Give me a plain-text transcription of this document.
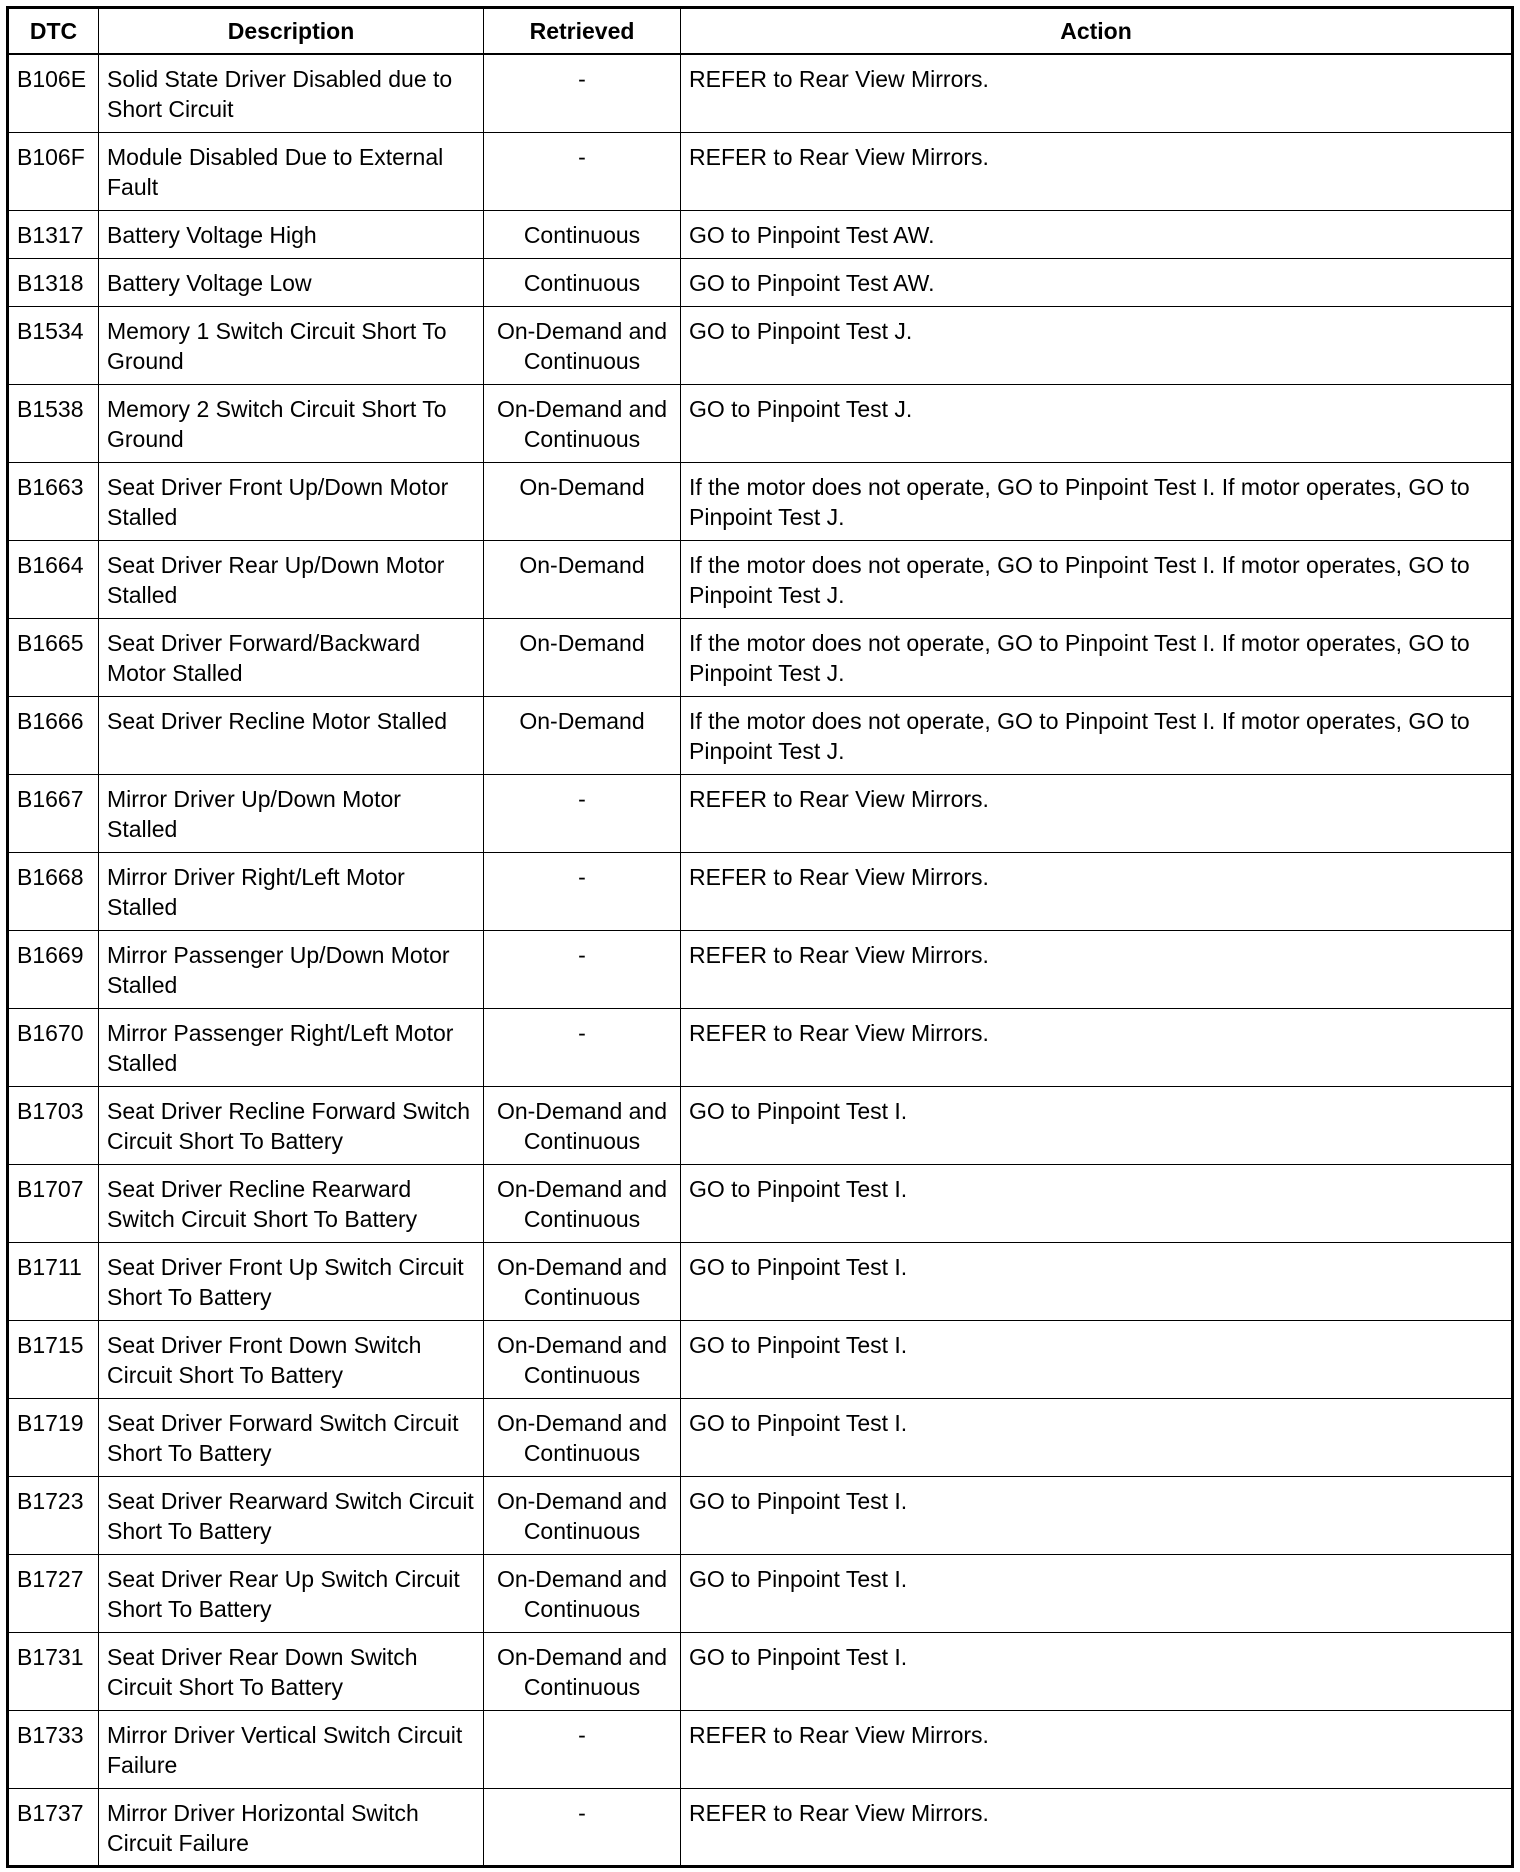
DTC	Description	Retrieved	Action
B106E	Solid State Driver Disabled due to Short Circuit	-	REFER to Rear View Mirrors.
B106F	Module Disabled Due to External Fault	-	REFER to Rear View Mirrors.
B1317	Battery Voltage High	Continuous	GO to Pinpoint Test AW.
B1318	Battery Voltage Low	Continuous	GO to Pinpoint Test AW.
B1534	Memory 1 Switch Circuit Short To Ground	On-Demand and Continuous	GO to Pinpoint Test J.
B1538	Memory 2 Switch Circuit Short To Ground	On-Demand and Continuous	GO to Pinpoint Test J.
B1663	Seat Driver Front Up/Down Motor Stalled	On-Demand	If the motor does not operate, GO to Pinpoint Test I. If motor operates, GO to Pinpoint Test J.
B1664	Seat Driver Rear Up/Down Motor Stalled	On-Demand	If the motor does not operate, GO to Pinpoint Test I. If motor operates, GO to Pinpoint Test J.
B1665	Seat Driver Forward/Backward Motor Stalled	On-Demand	If the motor does not operate, GO to Pinpoint Test I. If motor operates, GO to Pinpoint Test J.
B1666	Seat Driver Recline Motor Stalled	On-Demand	If the motor does not operate, GO to Pinpoint Test I. If motor operates, GO to Pinpoint Test J.
B1667	Mirror Driver Up/Down Motor Stalled	-	REFER to Rear View Mirrors.
B1668	Mirror Driver Right/Left Motor Stalled	-	REFER to Rear View Mirrors.
B1669	Mirror Passenger Up/Down Motor Stalled	-	REFER to Rear View Mirrors.
B1670	Mirror Passenger Right/Left Motor Stalled	-	REFER to Rear View Mirrors.
B1703	Seat Driver Recline Forward Switch Circuit Short To Battery	On-Demand and Continuous	GO to Pinpoint Test I.
B1707	Seat Driver Recline Rearward Switch Circuit Short To Battery	On-Demand and Continuous	GO to Pinpoint Test I.
B1711	Seat Driver Front Up Switch Circuit Short To Battery	On-Demand and Continuous	GO to Pinpoint Test I.
B1715	Seat Driver Front Down Switch Circuit Short To Battery	On-Demand and Continuous	GO to Pinpoint Test I.
B1719	Seat Driver Forward Switch Circuit Short To Battery	On-Demand and Continuous	GO to Pinpoint Test I.
B1723	Seat Driver Rearward Switch Circuit Short To Battery	On-Demand and Continuous	GO to Pinpoint Test I.
B1727	Seat Driver Rear Up Switch Circuit Short To Battery	On-Demand and Continuous	GO to Pinpoint Test I.
B1731	Seat Driver Rear Down Switch Circuit Short To Battery	On-Demand and Continuous	GO to Pinpoint Test I.
B1733	Mirror Driver Vertical Switch Circuit Failure	-	REFER to Rear View Mirrors.
B1737	Mirror Driver Horizontal Switch Circuit Failure	-	REFER to Rear View Mirrors.
